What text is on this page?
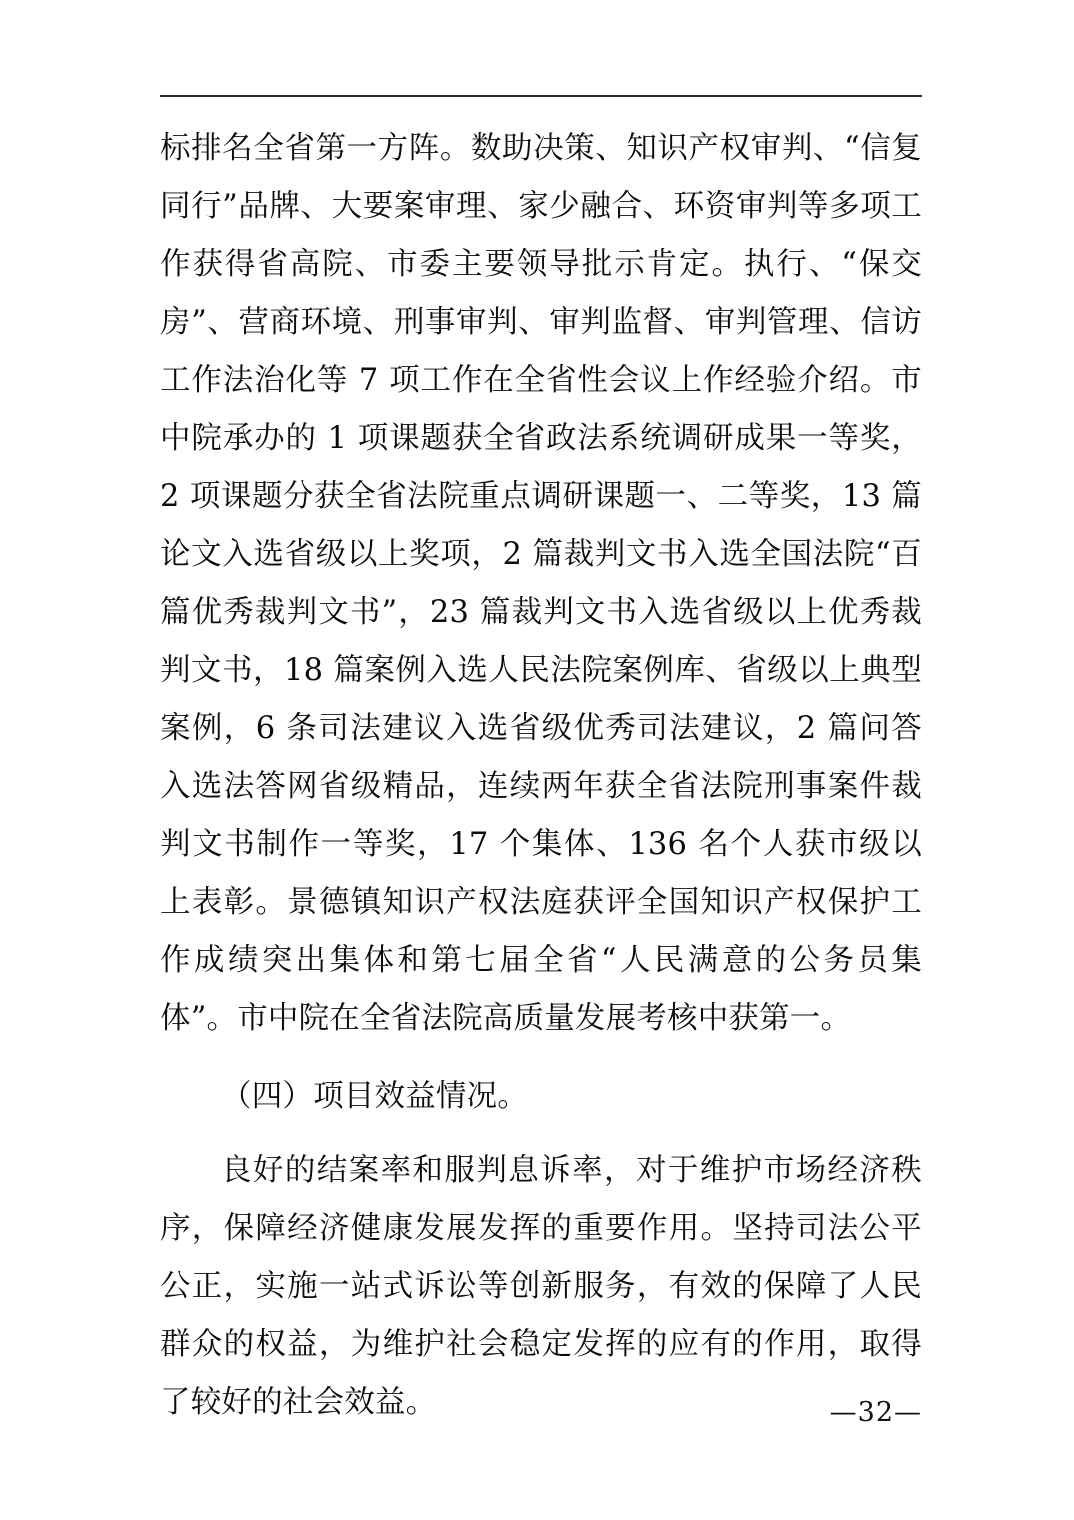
标排名全省第一方阵。数助决策、知识产权审判、“信复同行”品牌、大要案审理、家少融合、环资审判等多项工作获得省高院、市委主要领导批示肯定。执行、“保交房”、营商环境、刑事审判、审判监督、审判管理、信访工作法治化等 7 项工作在全省性会议上作经验介绍。市中院承办的 1 项课题获全省政法系统调研成果一等奖，2 项课题分获全省法院重点调研课题一、二等奖，13 篇论文入选省级以上奖项，2 篇裁判文书入选全国法院“百篇优秀裁判文书”，23 篇裁判文书入选省级以上优秀裁判文书，18 篇案例入选人民法院案例库、省级以上典型案例，6 条司法建议入选省级优秀司法建议，2 篇问答入选法答网省级精品，连续两年获全省法院刑事案件裁判文书制作一等奖，17 个集体、136 名个人获市级以上表彰。景德镇知识产权法庭获评全国知识产权保护工作成绩突出集体和第七届全省“人民满意的公务员集体”。市中院在全省法院高质量发展考核中获第一。

（四）项目效益情况。

良好的结案率和服判息诉率，对于维护市场经济秩序，保障经济健康发展发挥的重要作用。坚持司法公平公正，实施一站式诉讼等创新服务，有效的保障了人民群众的权益，为维护社会稳定发挥的应有的作用，取得了较好的社会效益。	—32—
